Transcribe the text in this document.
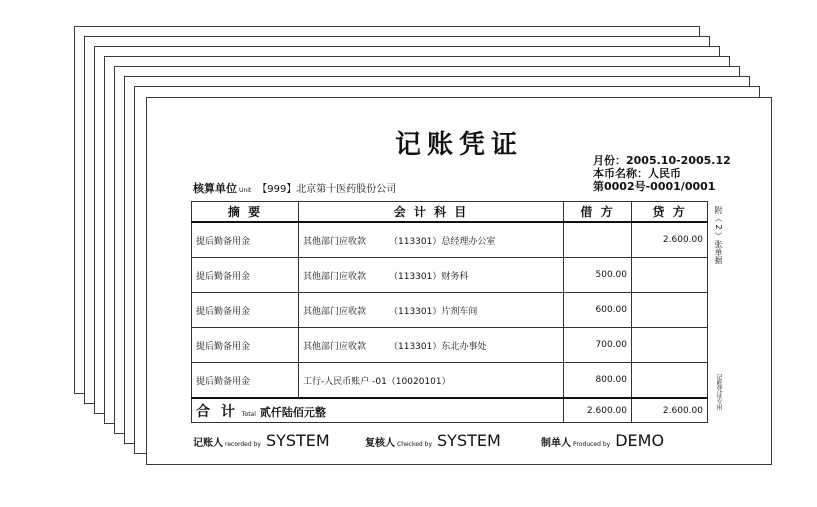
记账凭证
月份：2005.10-2005.12
本币名称：人民币
第0002号-0001/0001
核算单位 Unit 【999】北京第十医药股份公司
摘 要	会 计 科 目	借 方	贷 方
提后勤备用金	其他部门应收款 （113301）总经理办公室		2.600.00
提后勤备用金	其他部门应收款 （113301）财务科	500.00	
提后勤备用金	其他部门应收款 （113301）片剂车间	600.00	
提后勤备用金	其他部门应收款 （113301）东北办事处	700.00	
提后勤备用金	工行-人民币账户 -01（10020101）	800.00	
合 计 Total 贰仟陆佰元整		2.600.00	2.600.00
附（ 2 ）张单据
记账凭证专用
记账人 recorded by SYSTEM	复核人 Checked by SYSTEM	制单人 Produced by DEMO
